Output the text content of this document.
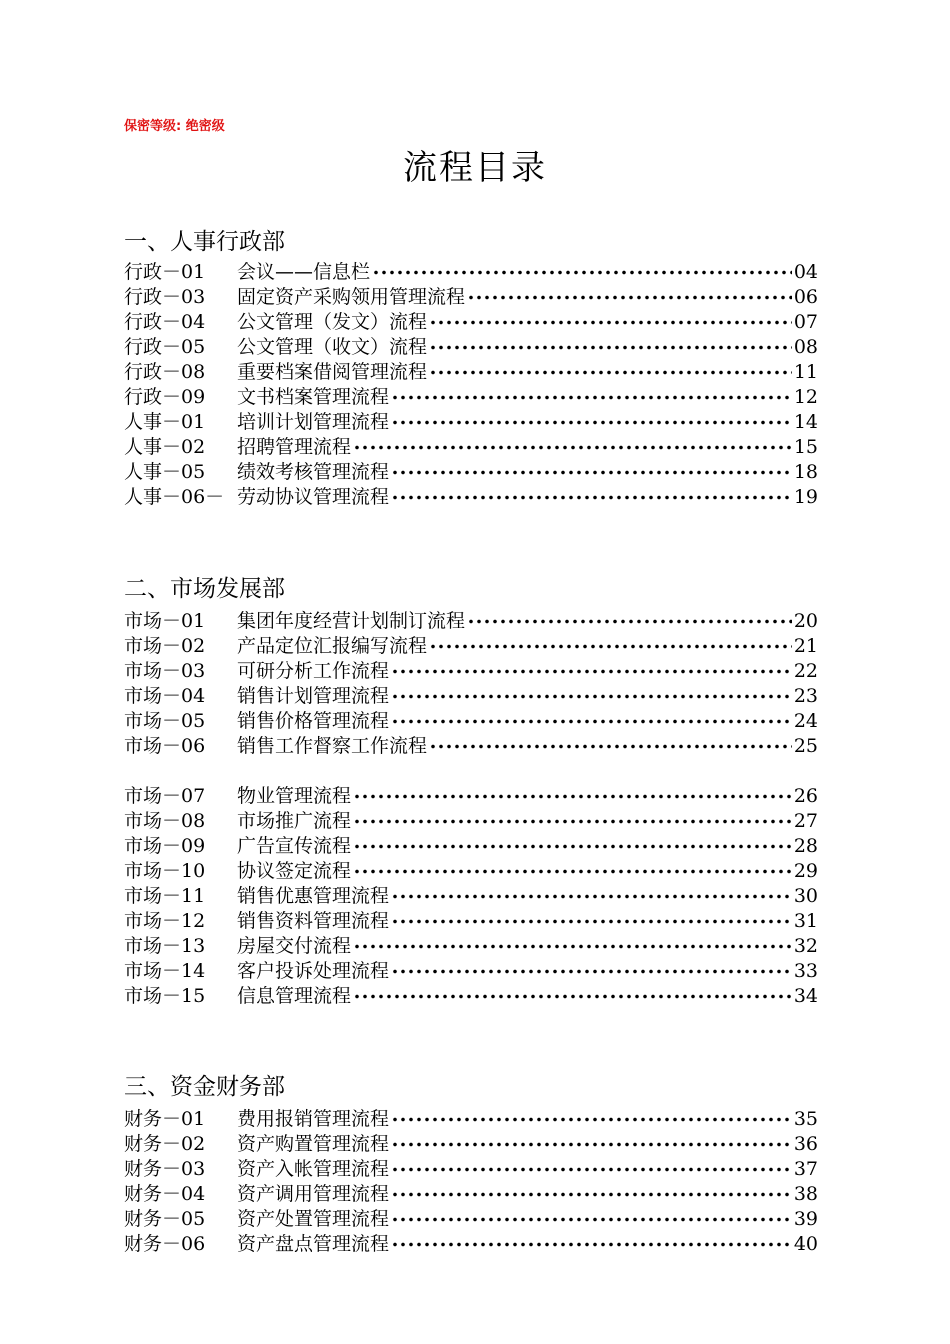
保密等级: 绝密级
流程目录
一、人事行政部
行政－01	会议——信息栏	04
行政－03	固定资产采购领用管理流程	06
行政－04	公文管理（发文）流程	07
行政－05	公文管理（收文）流程	08
行政－08	重要档案借阅管理流程	11
行政－09	文书档案管理流程	12
人事－01	培训计划管理流程	14
人事－02	招聘管理流程	15
人事－05	绩效考核管理流程	18
人事－06－ 劳动协议管理流程	19
二、市场发展部
市场－01	集团年度经营计划制订流程	20
市场－02	产品定位汇报编写流程	21
市场－03	可研分析工作流程	22
市场－04	销售计划管理流程	23
市场－05	销售价格管理流程	24
市场－06	销售工作督察工作流程	25
市场－07	物业管理流程	26
市场－08	市场推广流程	27
市场－09	广告宣传流程	28
市场－10	协议签定流程	29
市场－11	销售优惠管理流程	30
市场－12	销售资料管理流程	31
市场－13	房屋交付流程	32
市场－14	客户投诉处理流程	33
市场－15	信息管理流程	34
三、资金财务部
财务－01	费用报销管理流程	35
财务－02	资产购置管理流程	36
财务－03	资产入帐管理流程	37
财务－04	资产调用管理流程	38
财务－05	资产处置管理流程	39
财务－06	资产盘点管理流程	40
